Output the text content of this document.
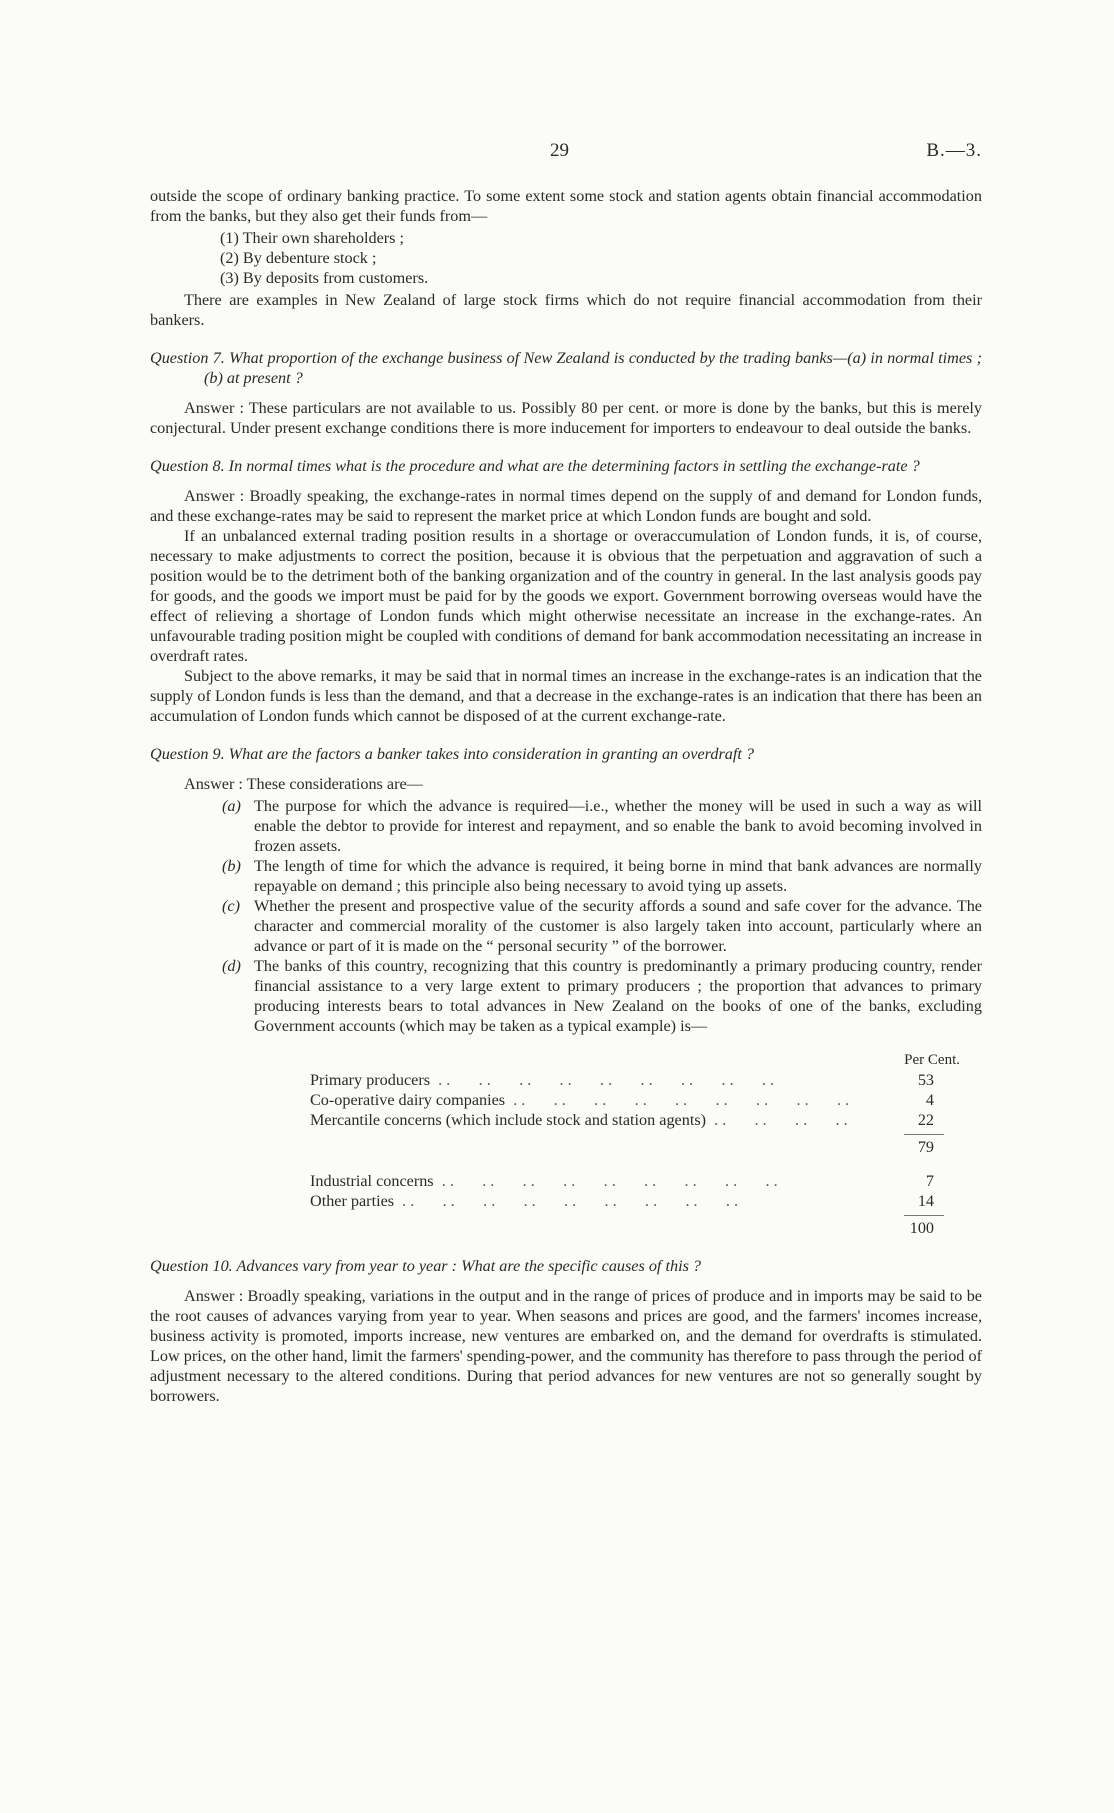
29	B.—3.

outside the scope of ordinary banking practice. To some extent some stock and station agents obtain financial accommodation from the banks, but they also get their funds from—

(1) Their own shareholders ;
(2) By debenture stock ;
(3) By deposits from customers.

There are examples in New Zealand of large stock firms which do not require financial accommodation from their bankers.

Question 7. What proportion of the exchange business of New Zealand is conducted by the trading banks—(a) in normal times ; (b) at present ?

Answer : These particulars are not available to us. Possibly 80 per cent. or more is done by the banks, but this is merely conjectural. Under present exchange conditions there is more inducement for importers to endeavour to deal outside the banks.

Question 8. In normal times what is the procedure and what are the determining factors in settling the exchange-rate ?

Answer : Broadly speaking, the exchange-rates in normal times depend on the supply of and demand for London funds, and these exchange-rates may be said to represent the market price at which London funds are bought and sold.

If an unbalanced external trading position results in a shortage or overaccumulation of London funds, it is, of course, necessary to make adjustments to correct the position, because it is obvious that the perpetuation and aggravation of such a position would be to the detriment both of the banking organization and of the country in general. In the last analysis goods pay for goods, and the goods we import must be paid for by the goods we export. Government borrowing overseas would have the effect of relieving a shortage of London funds which might otherwise necessitate an increase in the exchange-rates. An unfavourable trading position might be coupled with conditions of demand for bank accommodation necessitating an increase in overdraft rates.

Subject to the above remarks, it may be said that in normal times an increase in the exchange-rates is an indication that the supply of London funds is less than the demand, and that a decrease in the exchange-rates is an indication that there has been an accumulation of London funds which cannot be disposed of at the current exchange-rate.

Question 9. What are the factors a banker takes into consideration in granting an overdraft ?

Answer : These considerations are—

(a) The purpose for which the advance is required—i.e., whether the money will be used in such a way as will enable the debtor to provide for interest and repayment, and so enable the bank to avoid becoming involved in frozen assets.
(b) The length of time for which the advance is required, it being borne in mind that bank advances are normally repayable on demand ; this principle also being necessary to avoid tying up assets.
(c) Whether the present and prospective value of the security affords a sound and safe cover for the advance. The character and commercial morality of the customer is also largely taken into account, particularly where an advance or part of it is made on the “ personal security ” of the borrower.
(d) The banks of this country, recognizing that this country is predominantly a primary producing country, render financial assistance to a very large extent to primary producers ; the proportion that advances to primary producing interests bears to total advances in New Zealand on the books of one of the banks, excluding Government accounts (which may be taken as a typical example) is—
Per Cent.
Primary producers . .	53
Co-operative dairy companies . .	4
Mercantile concerns (which include stock and station agents) . .	22
79
Industrial concerns . .	7
Other parties . .	14
100
Question 10. Advances vary from year to year : What are the specific causes of this ?

Answer : Broadly speaking, variations in the output and in the range of prices of produce and in imports may be said to be the root causes of advances varying from year to year. When seasons and prices are good, and the farmers' incomes increase, business activity is promoted, imports increase, new ventures are embarked on, and the demand for overdrafts is stimulated. Low prices, on the other hand, limit the farmers' spending-power, and the community has therefore to pass through the period of adjustment necessary to the altered conditions. During that period advances for new ventures are not so generally sought by borrowers.
